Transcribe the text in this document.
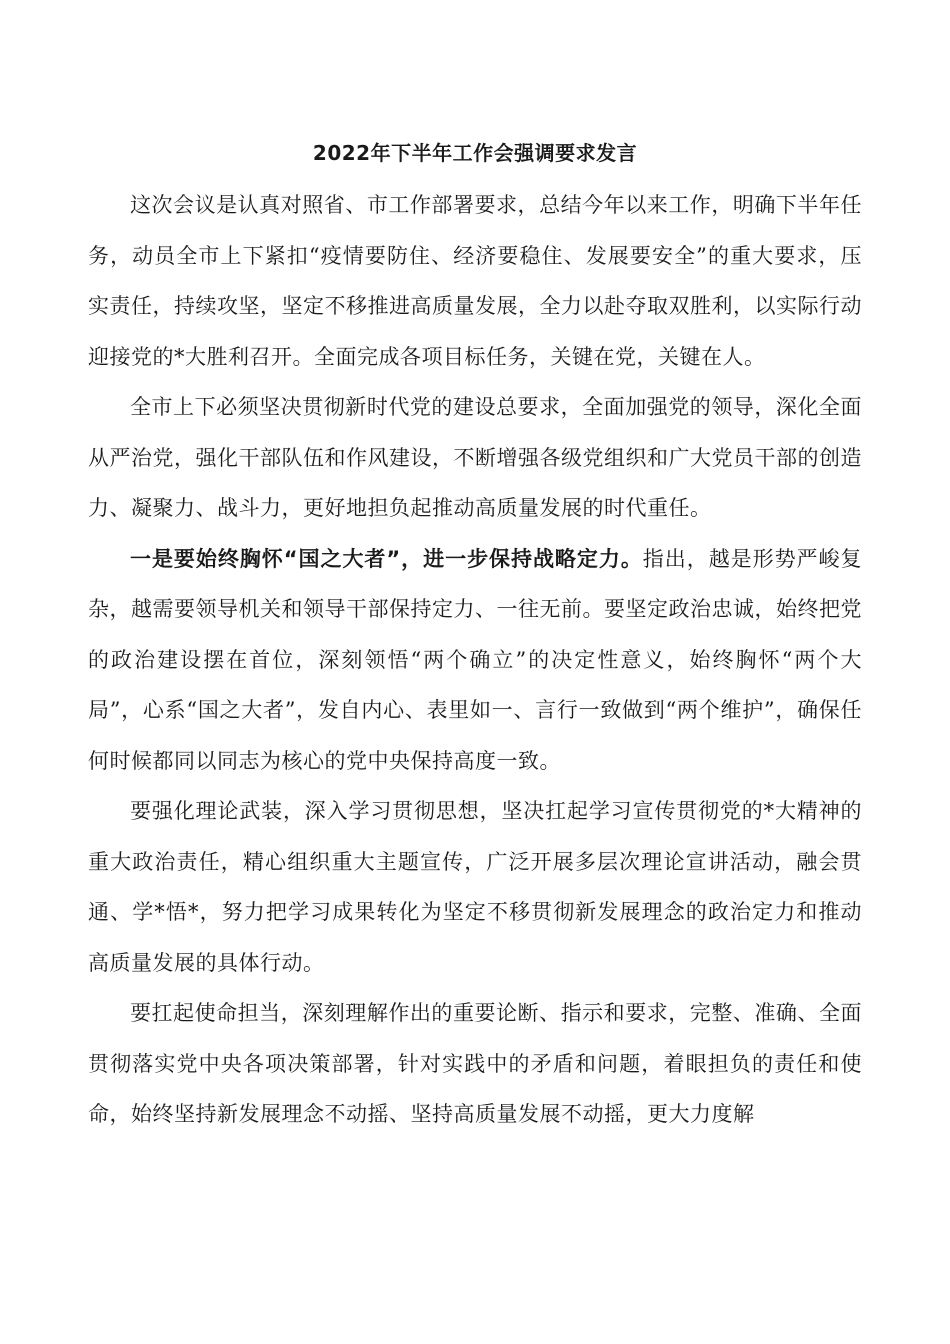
2022年下半年工作会强调要求发言

这次会议是认真对照省、市工作部署要求，总结今年以来工作，明确下半年任务，动员全市上下紧扣“疫情要防住、经济要稳住、发展要安全”的重大要求，压实责任，持续攻坚，坚定不移推进高质量发展，全力以赴夺取双胜利，以实际行动迎接党的*大胜利召开。全面完成各项目标任务，关键在党，关键在人。

全市上下必须坚决贯彻新时代党的建设总要求，全面加强党的领导，深化全面从严治党，强化干部队伍和作风建设，不断增强各级党组织和广大党员干部的创造力、凝聚力、战斗力，更好地担负起推动高质量发展的时代重任。

一是要始终胸怀“国之大者”，进一步保持战略定力。指出，越是形势严峻复杂，越需要领导机关和领导干部保持定力、一往无前。要坚定政治忠诚，始终把党的政治建设摆在首位，深刻领悟“两个确立”的决定性意义，始终胸怀“两个大局”，心系“国之大者”，发自内心、表里如一、言行一致做到“两个维护”，确保任何时候都同以同志为核心的党中央保持高度一致。

要强化理论武装，深入学习贯彻思想，坚决扛起学习宣传贯彻党的*大精神的重大政治责任，精心组织重大主题宣传，广泛开展多层次理论宣讲活动，融会贯通、学*悟*，努力把学习成果转化为坚定不移贯彻新发展理念的政治定力和推动高质量发展的具体行动。

要扛起使命担当，深刻理解作出的重要论断、指示和要求，完整、准确、全面贯彻落实党中央各项决策部署，针对实践中的矛盾和问题，着眼担负的责任和使命，始终坚持新发展理念不动摇、坚持高质量发展不动摇，更大力度解
